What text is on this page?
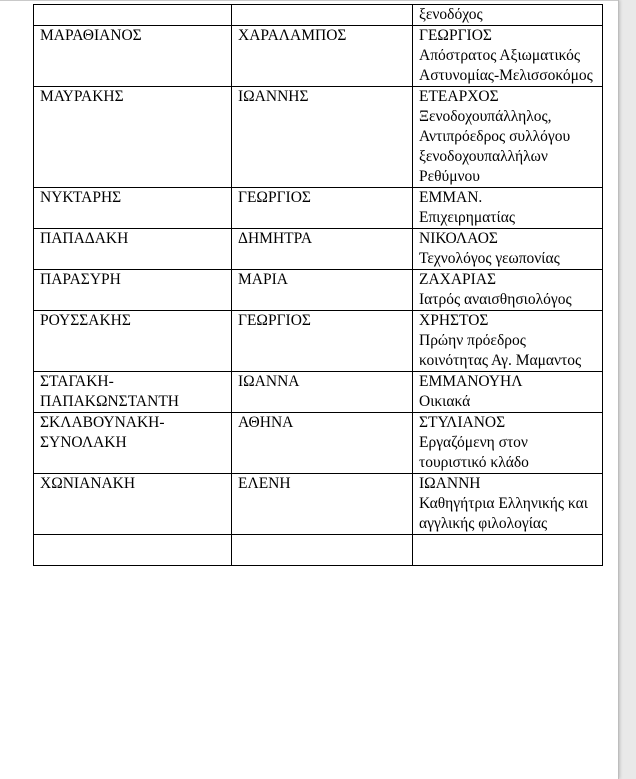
		ξενοδόχος

ΜΑΡΑΘΙΑΝΟΣ	ΧΑΡΑΛΑΜΠΟΣ	ΓΕΩΡΓΙΟΣ
Απόστρατος Αξιωματικός Αστυνομίας-Μελισσοκόμος

ΜΑΥΡΑΚΗΣ	ΙΩΑΝΝΗΣ	ΕΤΕΑΡΧΟΣ
Ξενοδοχουπάλληλος, Αντιπρόεδρος συλλόγου ξενοδοχουπαλλήλων Ρεθύμνου

ΝΥΚΤΑΡΗΣ	ΓΕΩΡΓΙΟΣ	ΕΜΜΑΝ.
Επιχειρηματίας

ΠΑΠΑΔΑΚΗ	ΔΗΜΗΤΡΑ	ΝΙΚΟΛΑΟΣ
Τεχνολόγος γεωπονίας

ΠΑΡΑΣΥΡΗ	ΜΑΡΙΑ	ΖΑΧΑΡΙΑΣ
Ιατρός αναισθησιολόγος

ΡΟΥΣΣΑΚΗΣ	ΓΕΩΡΓΙΟΣ	ΧΡΗΣΤΟΣ
Πρώην πρόεδρος κοινότητας Αγ. Μαμαντος

ΣΤΑΓΑΚΗ-ΠΑΠΑΚΩΝΣΤΑΝΤΗ	ΙΩΑΝΝΑ	ΕΜΜΑΝΟΥΗΛ
Οικιακά

ΣΚΛΑΒΟΥΝΑΚΗ-ΣΥΝΟΛΑΚΗ	ΑΘΗΝΑ	ΣΤΥΛΙΑΝΟΣ
Εργαζόμενη στον τουριστικό κλάδο

ΧΩΝΙΑΝΑΚΗ	ΕΛΕΝΗ	ΙΩΑΝΝΗ
Καθηγήτρια Ελληνικής και αγγλικής φιλολογίας
